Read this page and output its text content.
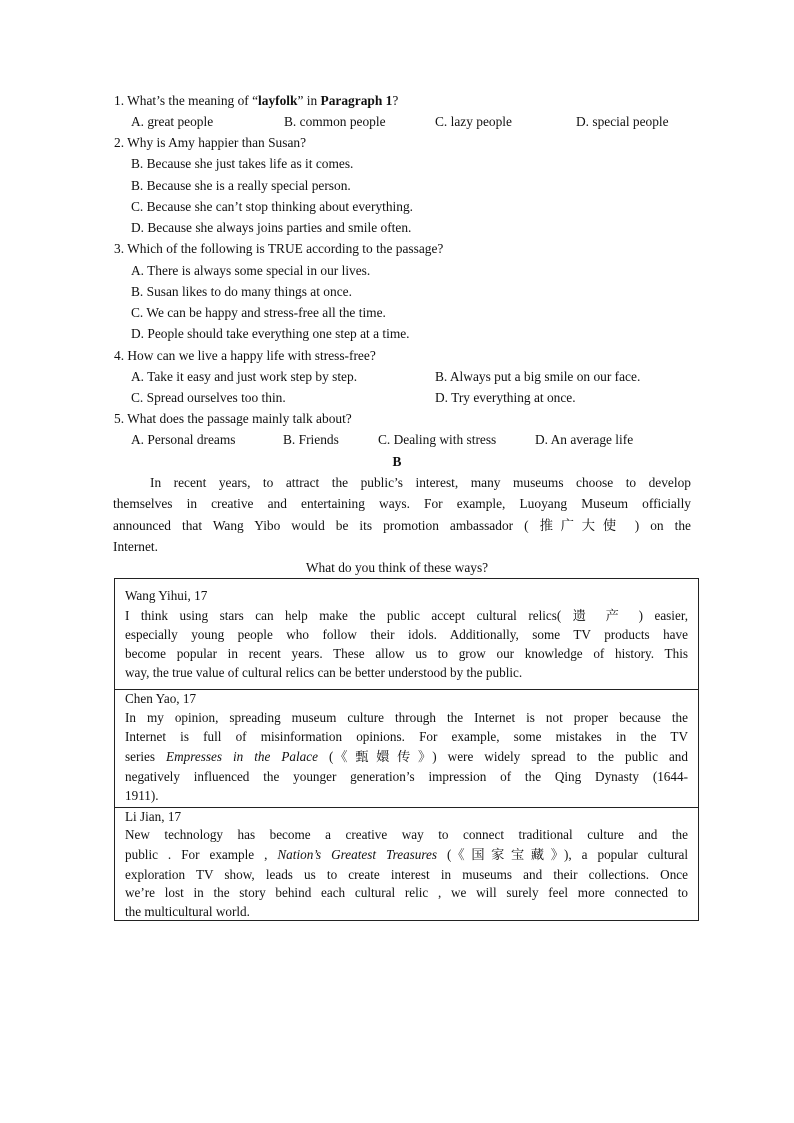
1. What’s the meaning of “layfolk” in Paragraph 1?
A. great people	B. common people	C. lazy people	D. special people
2. Why is Amy happier than Susan?
B. Because she just takes life as it comes.
B. Because she is a really special person.
C. Because she can’t stop thinking about everything.
D. Because she always joins parties and smile often.
3. Which of the following is TRUE according to the passage?
A. There is always some special in our lives.
B. Susan likes to do many things at once.
C. We can be happy and stress-free all the time.
D. People should take everything one step at a time.
4. How can we live a happy life with stress-free?
A. Take it easy and just work step by step.	B. Always put a big smile on our face.
C. Spread ourselves too thin.	D. Try everything at once.
5. What does the passage mainly talk about?
A. Personal dreams	B. Friends	C. Dealing with stress	D. An average life
B
In recent years, to attract the public’s interest, many museums choose to develop
themselves in creative and entertaining ways. For example, Luoyang Museum officially
announced that Wang Yibo would be its promotion ambassador ( 推广大使 ) on the
Internet.
What do you think of these ways?
Wang Yihui, 17
I think using stars can help make the public accept cultural relics( 遗 产 ) easier,
especially young people who follow their idols. Additionally, some TV products have
become popular in recent years. These allow us to grow our knowledge of history. This
way, the true value of cultural relics can be better understood by the public.
Chen Yao, 17
In my opinion, spreading museum culture through the Internet is not proper because the
Internet is full of misinformation opinions. For example, some mistakes in the TV
series Empresses in the Palace (《甄嬛传》) were widely spread to the public and
negatively influenced the younger generation’s impression of the Qing Dynasty (1644-
1911).
Li Jian, 17
New technology has become a creative way to connect traditional culture and the
public . For example , Nation’s Greatest Treasures (《国家宝藏》), a popular cultural
exploration TV show, leads us to create interest in museums and their collections. Once
we’re lost in the story behind each cultural relic , we will surely feel more connected to
the multicultural world.
